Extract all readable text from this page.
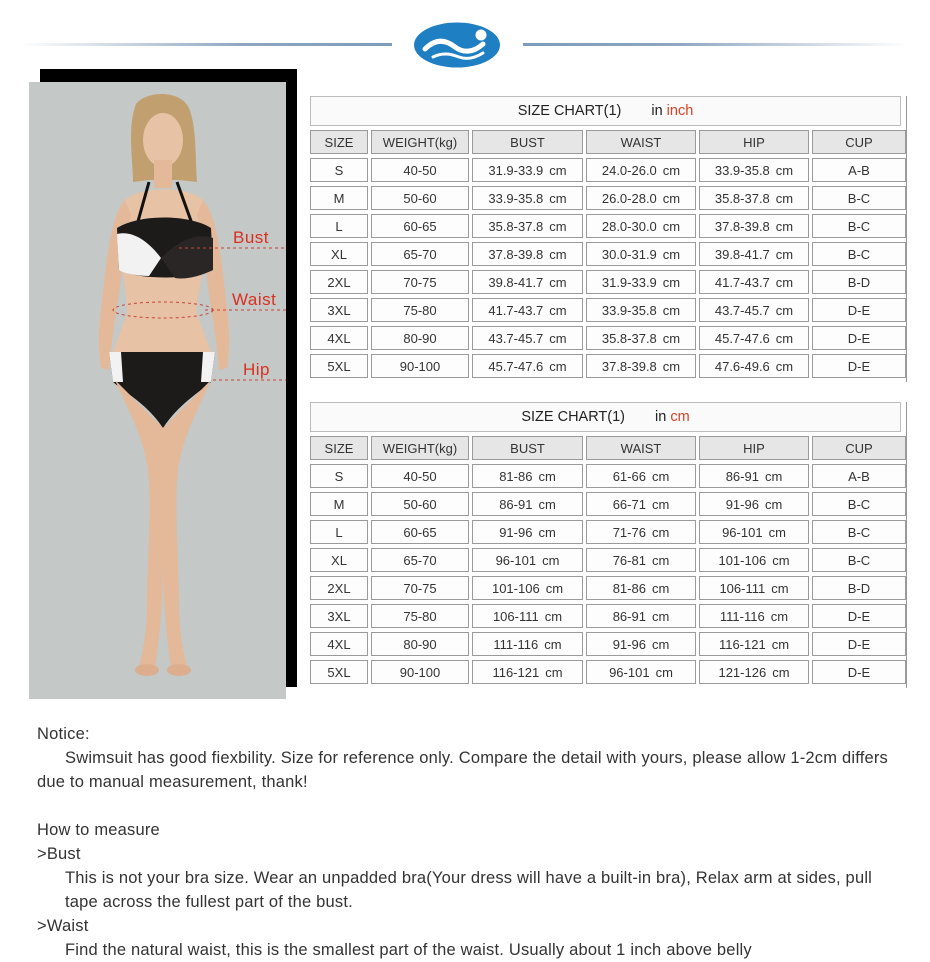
Bust
Waist
Hip
SIZE CHART(1) in inch
SIZE	WEIGHT(kg)	BUST	WAIST	HIP	CUP
S	40-50	31.9-33.9 cm	24.0-26.0 cm	33.9-35.8 cm	A-B
M	50-60	33.9-35.8 cm	26.0-28.0 cm	35.8-37.8 cm	B-C
L	60-65	35.8-37.8 cm	28.0-30.0 cm	37.8-39.8 cm	B-C
XL	65-70	37.8-39.8 cm	30.0-31.9 cm	39.8-41.7 cm	B-C
2XL	70-75	39.8-41.7 cm	31.9-33.9 cm	41.7-43.7 cm	B-D
3XL	75-80	41.7-43.7 cm	33.9-35.8 cm	43.7-45.7 cm	D-E
4XL	80-90	43.7-45.7 cm	35.8-37.8 cm	45.7-47.6 cm	D-E
5XL	90-100	45.7-47.6 cm	37.8-39.8 cm	47.6-49.6 cm	D-E
SIZE CHART(1) in cm
SIZE	WEIGHT(kg)	BUST	WAIST	HIP	CUP
S	40-50	81-86 cm	61-66 cm	86-91 cm	A-B
M	50-60	86-91 cm	66-71 cm	91-96 cm	B-C
L	60-65	91-96 cm	71-76 cm	96-101 cm	B-C
XL	65-70	96-101 cm	76-81 cm	101-106 cm	B-C
2XL	70-75	101-106 cm	81-86 cm	106-111 cm	B-D
3XL	75-80	106-111 cm	86-91 cm	111-116 cm	D-E
4XL	80-90	111-116 cm	91-96 cm	116-121 cm	D-E
5XL	90-100	116-121 cm	96-101 cm	121-126 cm	D-E

Notice:

Swimsuit has good fiexbility. Size for reference only. Compare the detail with yours, please allow 1-2cm differs due to manual measurement, thank!

How to measure

>Bust

This is not your bra size. Wear an unpadded bra(Your dress will have a built-in bra), Relax arm at sides, pull tape across the fullest part of the bust.

>Waist

Find the natural waist, this is the smallest part of the waist. Usually about 1 inch above belly
